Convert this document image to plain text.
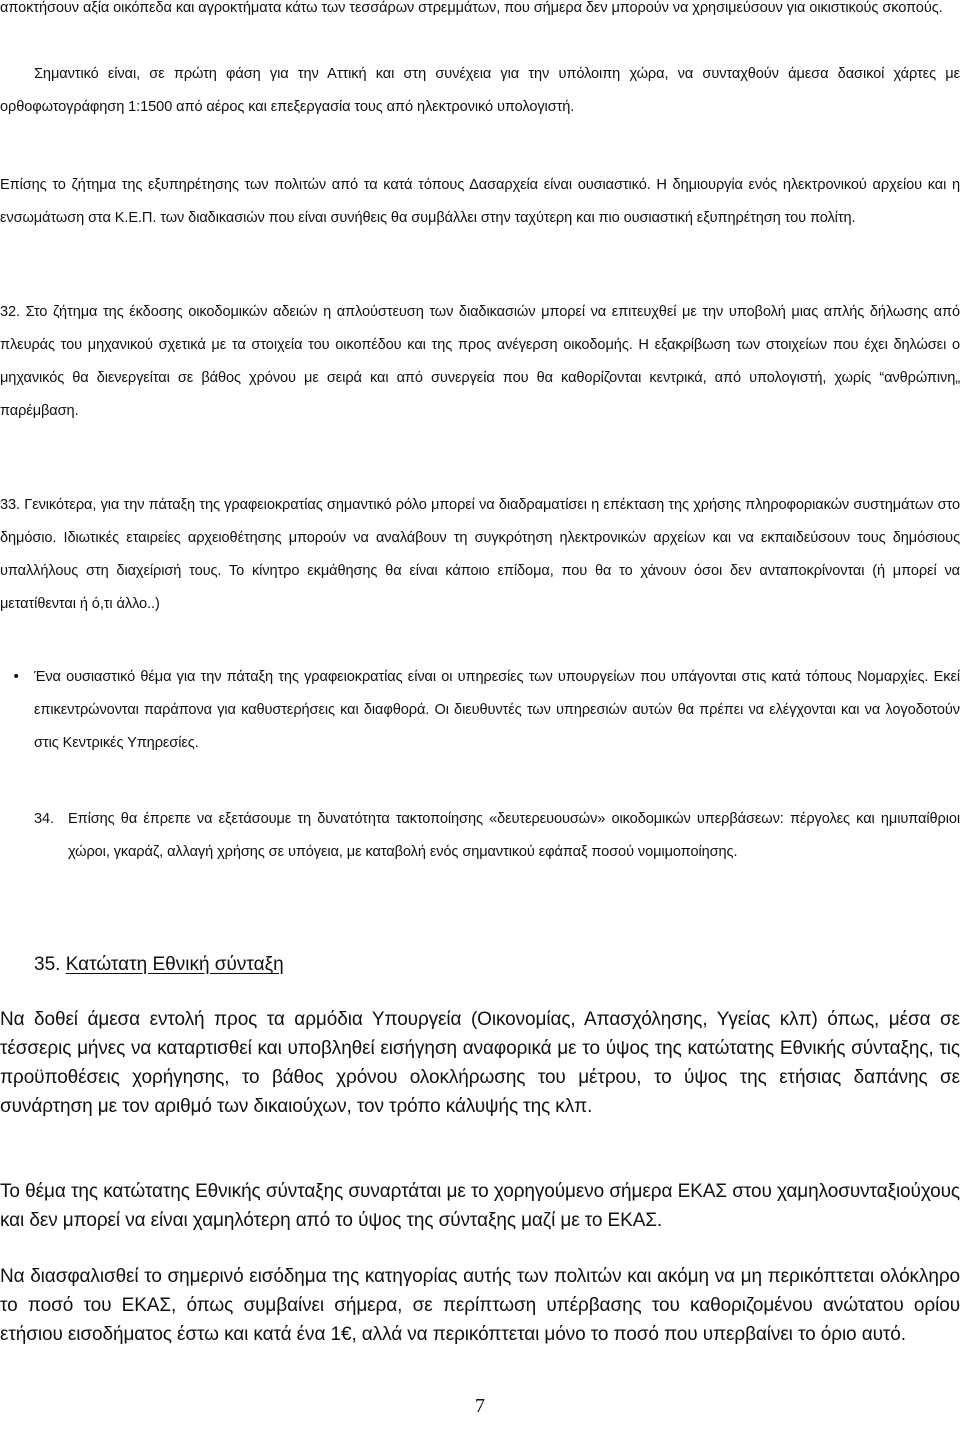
αποκτήσουν αξία οικόπεδα και αγροκτήματα κάτω των τεσσάρων στρεμμάτων, που σήμερα δεν μπορούν να χρησιμεύσουν για οικιστικούς σκοπούς.

Σημαντικό είναι, σε πρώτη φάση για την Αττική και στη συνέχεια για την υπόλοιπη χώρα, να συνταχθούν άμεσα δασικοί χάρτες με ορθοφωτογράφηση 1:1500 από αέρος και επεξεργασία τους από ηλεκτρονικό υπολογιστή.

Επίσης το ζήτημα της εξυπηρέτησης των πολιτών από τα κατά τόπους Δασαρχεία είναι ουσιαστικό. Η δημιουργία ενός ηλεκτρονικού αρχείου και η ενσωμάτωση στα Κ.Ε.Π. των διαδικασιών που είναι συνήθεις θα συμβάλλει στην ταχύτερη και πιο ουσιαστική εξυπηρέτηση του πολίτη.

32. Στο ζήτημα της έκδοσης οικοδομικών αδειών η απλούστευση των διαδικασιών μπορεί να επιτευχθεί με την υποβολή μιας απλής δήλωσης από πλευράς του μηχανικού σχετικά με τα στοιχεία του οικοπέδου και της προς ανέγερση οικοδομής. Η εξακρίβωση των στοιχείων που έχει δηλώσει ο μηχανικός θα διενεργείται σε βάθος χρόνου με σειρά και από συνεργεία που θα καθορίζονται κεντρικά, από υπολογιστή, χωρίς “ανθρώπινη„ παρέμβαση.

33. Γενικότερα, για την πάταξη της γραφειοκρατίας σημαντικό ρόλο μπορεί να διαδραματίσει η επέκταση της χρήσης πληροφοριακών συστημάτων στο δημόσιο. Ιδιωτικές εταιρείες αρχειοθέτησης μπορούν να αναλάβουν τη συγκρότηση ηλεκτρονικών αρχείων και να εκπαιδεύσουν τους δημόσιους υπαλλήλους στη διαχείρισή τους. Το κίνητρο εκμάθησης θα είναι κάποιο επίδομα, που θα το χάνουν όσοι δεν ανταποκρίνονται (ή μπορεί να μετατίθενται ή ό,τι άλλο..)

• Ένα ουσιαστικό θέμα για την πάταξη της γραφειοκρατίας είναι οι υπηρεσίες των υπουργείων που υπάγονται στις κατά τόπους Νομαρχίες. Εκεί επικεντρώνονται παράπονα για καθυστερήσεις και διαφθορά. Οι διευθυντές των υπηρεσιών αυτών θα πρέπει να ελέγχονται και να λογοδοτούν στις Κεντρικές Υπηρεσίες.

34. Επίσης θα έπρεπε να εξετάσουμε τη δυνατότητα τακτοποίησης «δευτερευουσών» οικοδομικών υπερβάσεων: πέργολες και ημιυπαίθριοι χώροι, γκαράζ, αλλαγή χρήσης σε υπόγεια, με καταβολή ενός σημαντικού εφάπαξ ποσού νομιμοποίησης.

35. Κατώτατη Εθνική σύνταξη

Να δοθεί άμεσα εντολή προς τα αρμόδια Υπουργεία (Οικονομίας, Απασχόλησης, Υγείας κλπ) όπως, μέσα σε τέσσερις μήνες να καταρτισθεί και υποβληθεί εισήγηση αναφορικά με το ύψος της κατώτατης Εθνικής σύνταξης, τις προϋποθέσεις χορήγησης, το βάθος χρόνου ολοκλήρωσης του μέτρου, το ύψος της ετήσιας δαπάνης σε συνάρτηση με τον αριθμό των δικαιούχων, τον τρόπο κάλυψής της κλπ.

Το θέμα της κατώτατης Εθνικής σύνταξης συναρτάται με το χορηγούμενο σήμερα ΕΚΑΣ στου χαμηλοσυνταξιούχους και δεν μπορεί να είναι χαμηλότερη από το ύψος της σύνταξης μαζί με το ΕΚΑΣ.

Να διασφαλισθεί το σημερινό εισόδημα της κατηγορίας αυτής των πολιτών και ακόμη να μη περικόπτεται ολόκληρο το ποσό του ΕΚΑΣ, όπως συμβαίνει σήμερα, σε περίπτωση υπέρβασης του καθοριζομένου ανώτατου ορίου ετήσιου εισοδήματος έστω και κατά ένα 1€, αλλά να περικόπτεται μόνο το ποσό που υπερβαίνει το όριο αυτό.

7
